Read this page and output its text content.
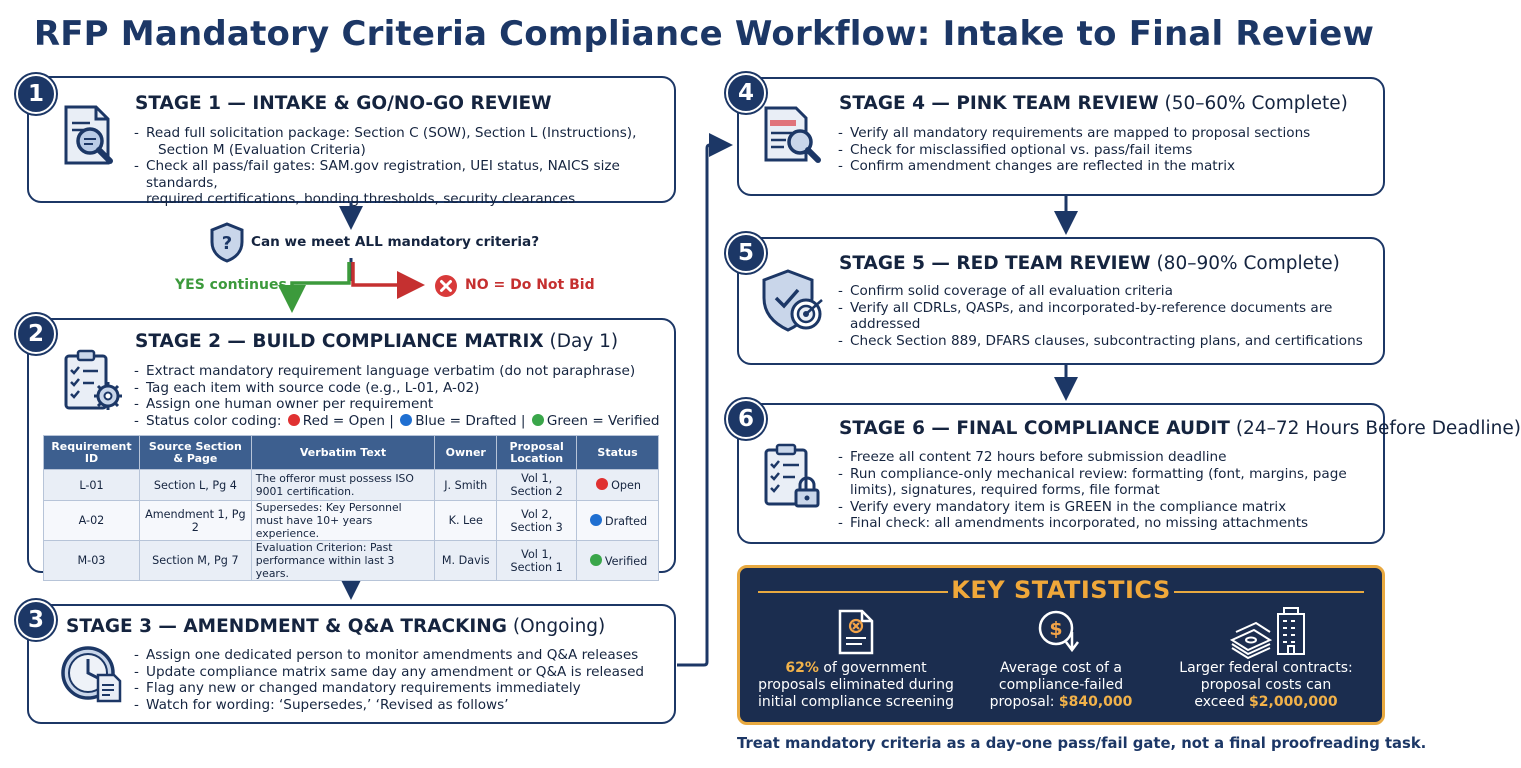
RFP Mandatory Criteria Compliance Workflow: Intake to Final Review
1	STAGE 1 — INTAKE & GO/NO-GO REVIEW
- Read full solicitation package: Section C (SOW), Section L (Instructions),
Section M (Evaluation Criteria)
- Check all pass/fail gates: SAM.gov registration, UEI status, NAICS size standards,
required certifications, bonding thresholds, security clearances
? Can we meet ALL mandatory criteria?
YES continues	NO = Do Not Bid
2	STAGE 2 — BUILD COMPLIANCE MATRIX (Day 1)
- Extract mandatory requirement language verbatim (do not paraphrase)
- Tag each item with source code (e.g., L-01, A-02)
- Assign one human owner per requirement
- Status color coding: Red = Open | Blue = Drafted | Green = Verified
Requirement ID	Source Section & Page	Verbatim Text	Owner	Proposal Location	Status
L-01	Section L, Pg 4	The offeror must possess ISO 9001 certification.	J. Smith	Vol 1, Section 2	Open
A-02	Amendment 1, Pg 2	Supersedes: Key Personnel must have 10+ years experience.	K. Lee	Vol 2, Section 3	Drafted
M-03	Section M, Pg 7	Evaluation Criterion: Past performance within last 3 years.	M. Davis	Vol 1, Section 1	Verified
3	STAGE 3 — AMENDMENT & Q&A TRACKING (Ongoing)
- Assign one dedicated person to monitor amendments and Q&A releases
- Update compliance matrix same day any amendment or Q&A is released
- Flag any new or changed mandatory requirements immediately
- Watch for wording: ‘Supersedes,’ ‘Revised as follows’
4	STAGE 4 — PINK TEAM REVIEW (50–60% Complete)
- Verify all mandatory requirements are mapped to proposal sections
- Check for misclassified optional vs. pass/fail items
- Confirm amendment changes are reflected in the matrix
5	STAGE 5 — RED TEAM REVIEW (80–90% Complete)
- Confirm solid coverage of all evaluation criteria
- Verify all CDRLs, QASPs, and incorporated-by-reference documents are
addressed
- Check Section 889, DFARS clauses, subcontracting plans, and certifications
6	STAGE 6 — FINAL COMPLIANCE AUDIT (24–72 Hours Before Deadline)
- Freeze all content 72 hours before submission deadline
- Run compliance-only mechanical review: formatting (font, margins, page
limits), signatures, required forms, file format
- Verify every mandatory item is GREEN in the compliance matrix
- Final check: all amendments incorporated, no missing attachments
KEY STATISTICS
$
62% of government
proposals eliminated during
initial compliance screening
Average cost of a
compliance-failed
proposal: $840,000
Larger federal contracts:
proposal costs can
exceed $2,000,000
Treat mandatory criteria as a day-one pass/fail gate, not a final proofreading task.
